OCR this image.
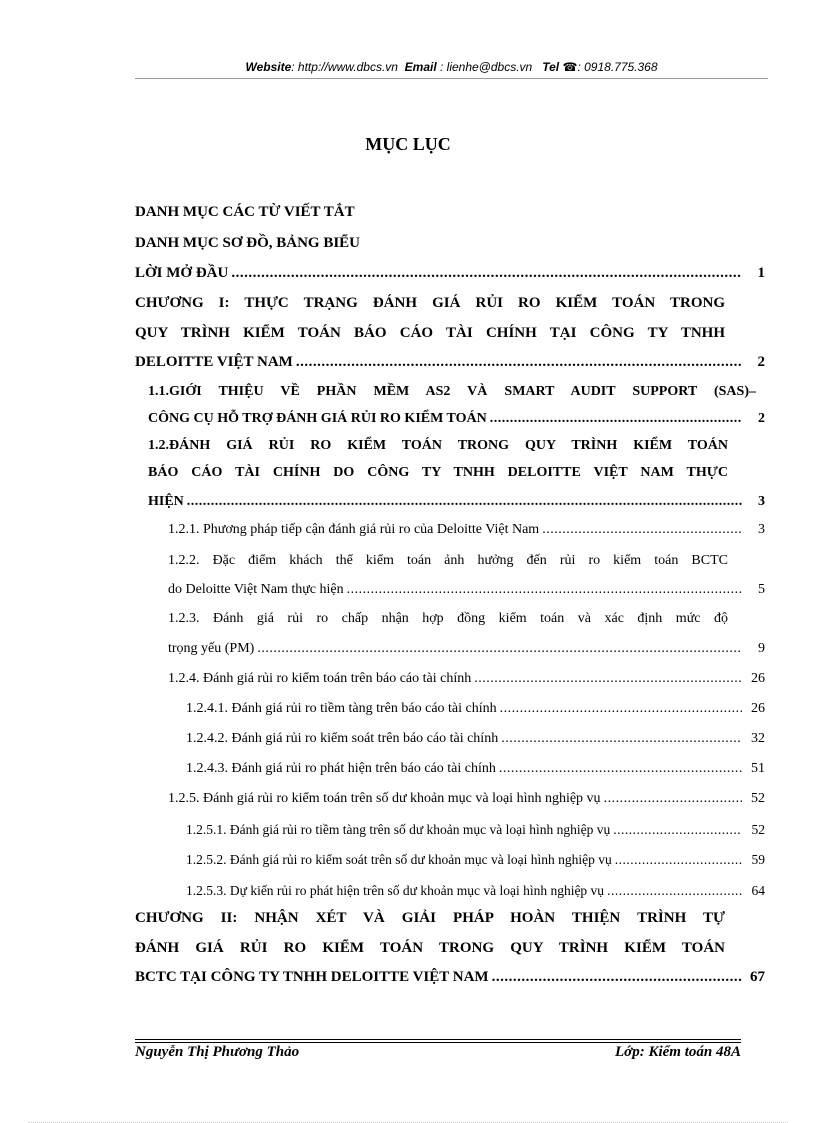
Website: http://www.dbcs.vn Email : lienhe@dbcs.vn Tel ☎: 0918.775.368
MỤC LỤC
DANH MỤC CÁC TỪ VIẾT TẮT
DANH MỤC SƠ ĐỒ, BẢNG BIỂU
LỜI MỞ ĐẦU .....	1
CHƯƠNG I: THỰC TRẠNG ĐÁNH GIÁ RỦI RO KIỂM TOÁN TRONG
QUY TRÌNH KIỂM TOÁN BÁO CÁO TÀI CHÍNH TẠI CÔNG TY TNHH
DELOITTE VIỆT NAM .....	2
1.1.GIỚI THIỆU VỀ PHẦN MỀM AS2 VÀ SMART AUDIT SUPPORT (SAS)–
CÔNG CỤ HỖ TRỢ ĐÁNH GIÁ RỦI RO KIỂM TOÁN .....	2
1.2.ĐÁNH GIÁ RỦI RO KIỂM TOÁN TRONG QUY TRÌNH KIỂM TOÁN
BÁO CÁO TÀI CHÍNH DO CÔNG TY TNHH DELOITTE VIỆT NAM THỰC
HIỆN .....	3
1.2.1. Phương pháp tiếp cận đánh giá rủi ro của Deloitte Việt Nam .....	3
1.2.2. Đặc điểm khách thể kiểm toán ảnh hưởng đến rủi ro kiểm toán BCTC
do Deloitte Việt Nam thực hiện .....	5
1.2.3. Đánh giá rủi ro chấp nhận hợp đồng kiểm toán và xác định mức độ
trọng yếu (PM) .....	9
1.2.4. Đánh giá rủi ro kiểm toán trên báo cáo tài chính .....	26
1.2.4.1. Đánh giá rủi ro tiềm tàng trên báo cáo tài chính .....	26
1.2.4.2. Đánh giá rủi ro kiểm soát trên báo cáo tài chính .....	32
1.2.4.3. Đánh giá rủi ro phát hiện trên báo cáo tài chính .....	51
1.2.5. Đánh giá rủi ro kiểm toán trên số dư khoản mục và loại hình nghiệp vụ .....	52
1.2.5.1. Đánh giá rủi ro tiềm tàng trên số dư khoản mục và loại hình nghiệp vụ .....	52
1.2.5.2. Đánh giá rủi ro kiểm soát trên số dư khoản mục và loại hình nghiệp vụ .....	59
1.2.5.3. Dự kiến rủi ro phát hiện trên số dư khoản mục và loại hình nghiệp vụ .....	64
CHƯƠNG II: NHẬN XÉT VÀ GIẢI PHÁP HOÀN THIỆN TRÌNH TỰ
ĐÁNH GIÁ RỦI RO KIỂM TOÁN TRONG QUY TRÌNH KIỂM TOÁN
BCTC TẠI CÔNG TY TNHH DELOITTE VIỆT NAM .....	67
Nguyễn Thị Phương Thảo	Lớp: Kiểm toán 48A
